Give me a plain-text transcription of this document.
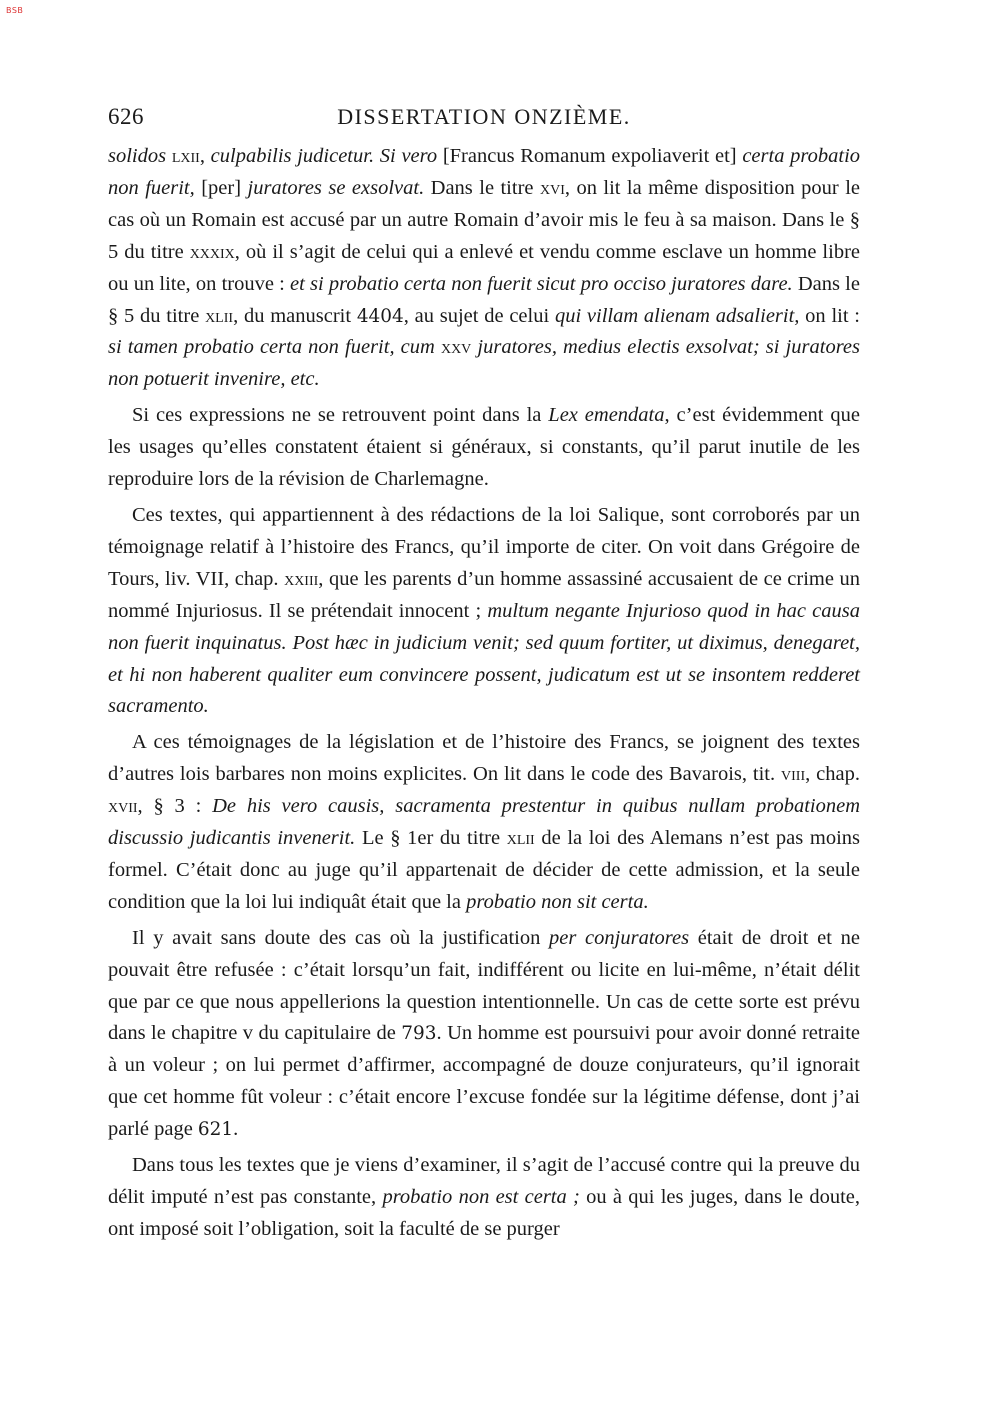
BSB
626	DISSERTATION ONZIÈME.

solidos lxii, culpabilis judicetur. Si vero [Francus Romanum expoliaverit et] certa probatio non fuerit, [per] juratores se exsolvat. Dans le titre xvi, on lit la même disposition pour le cas où un Romain est accusé par un autre Romain d’avoir mis le feu à sa maison. Dans le § 5 du titre xxxix, où il s’agit de celui qui a enlevé et vendu comme esclave un homme libre ou un lite, on trouve : et si probatio certa non fuerit sicut pro occiso juratores dare. Dans le § 5 du titre xlii, du manuscrit 4404, au sujet de celui qui villam alienam adsalierit, on lit : si tamen probatio certa non fuerit, cum xxv juratores, medius electis exsolvat; si juratores non potuerit invenire, etc.

Si ces expressions ne se retrouvent point dans la Lex emendata, c’est évidemment que les usages qu’elles constatent étaient si généraux, si constants, qu’il parut inutile de les reproduire lors de la révision de Charlemagne.

Ces textes, qui appartiennent à des rédactions de la loi Salique, sont corroborés par un témoignage relatif à l’histoire des Francs, qu’il importe de citer. On voit dans Grégoire de Tours, liv. VII, chap. xxiii, que les parents d’un homme assassiné accusaient de ce crime un nommé Injuriosus. Il se prétendait innocent ; multum negante Injurioso quod in hac causa non fuerit inquinatus. Post hæc in judicium venit; sed quum fortiter, ut diximus, denegaret, et hi non haberent qualiter eum convincere possent, judicatum est ut se insontem redderet sacramento.

A ces témoignages de la législation et de l’histoire des Francs, se joignent des textes d’autres lois barbares non moins explicites. On lit dans le code des Bavarois, tit. viii, chap. xvii, § 3 : De his vero causis, sacramenta prestentur in quibus nullam probationem discussio judicantis invenerit. Le § 1er du titre xlii de la loi des Alemans n’est pas moins formel. C’était donc au juge qu’il appartenait de décider de cette admission, et la seule condition que la loi lui indiquât était que la probatio non sit certa.

Il y avait sans doute des cas où la justification per conjuratores était de droit et ne pouvait être refusée : c’était lorsqu’un fait, indifférent ou licite en lui-même, n’était délit que par ce que nous appellerions la question intentionnelle. Un cas de cette sorte est prévu dans le chapitre v du capitulaire de 793. Un homme est poursuivi pour avoir donné retraite à un voleur ; on lui permet d’affirmer, accompagné de douze conjurateurs, qu’il ignorait que cet homme fût voleur : c’était encore l’excuse fondée sur la légitime défense, dont j’ai parlé page 621.

Dans tous les textes que je viens d’examiner, il s’agit de l’accusé contre qui la preuve du délit imputé n’est pas constante, probatio non est certa ; ou à qui les juges, dans le doute, ont imposé soit l’obligation, soit la faculté de se purger
